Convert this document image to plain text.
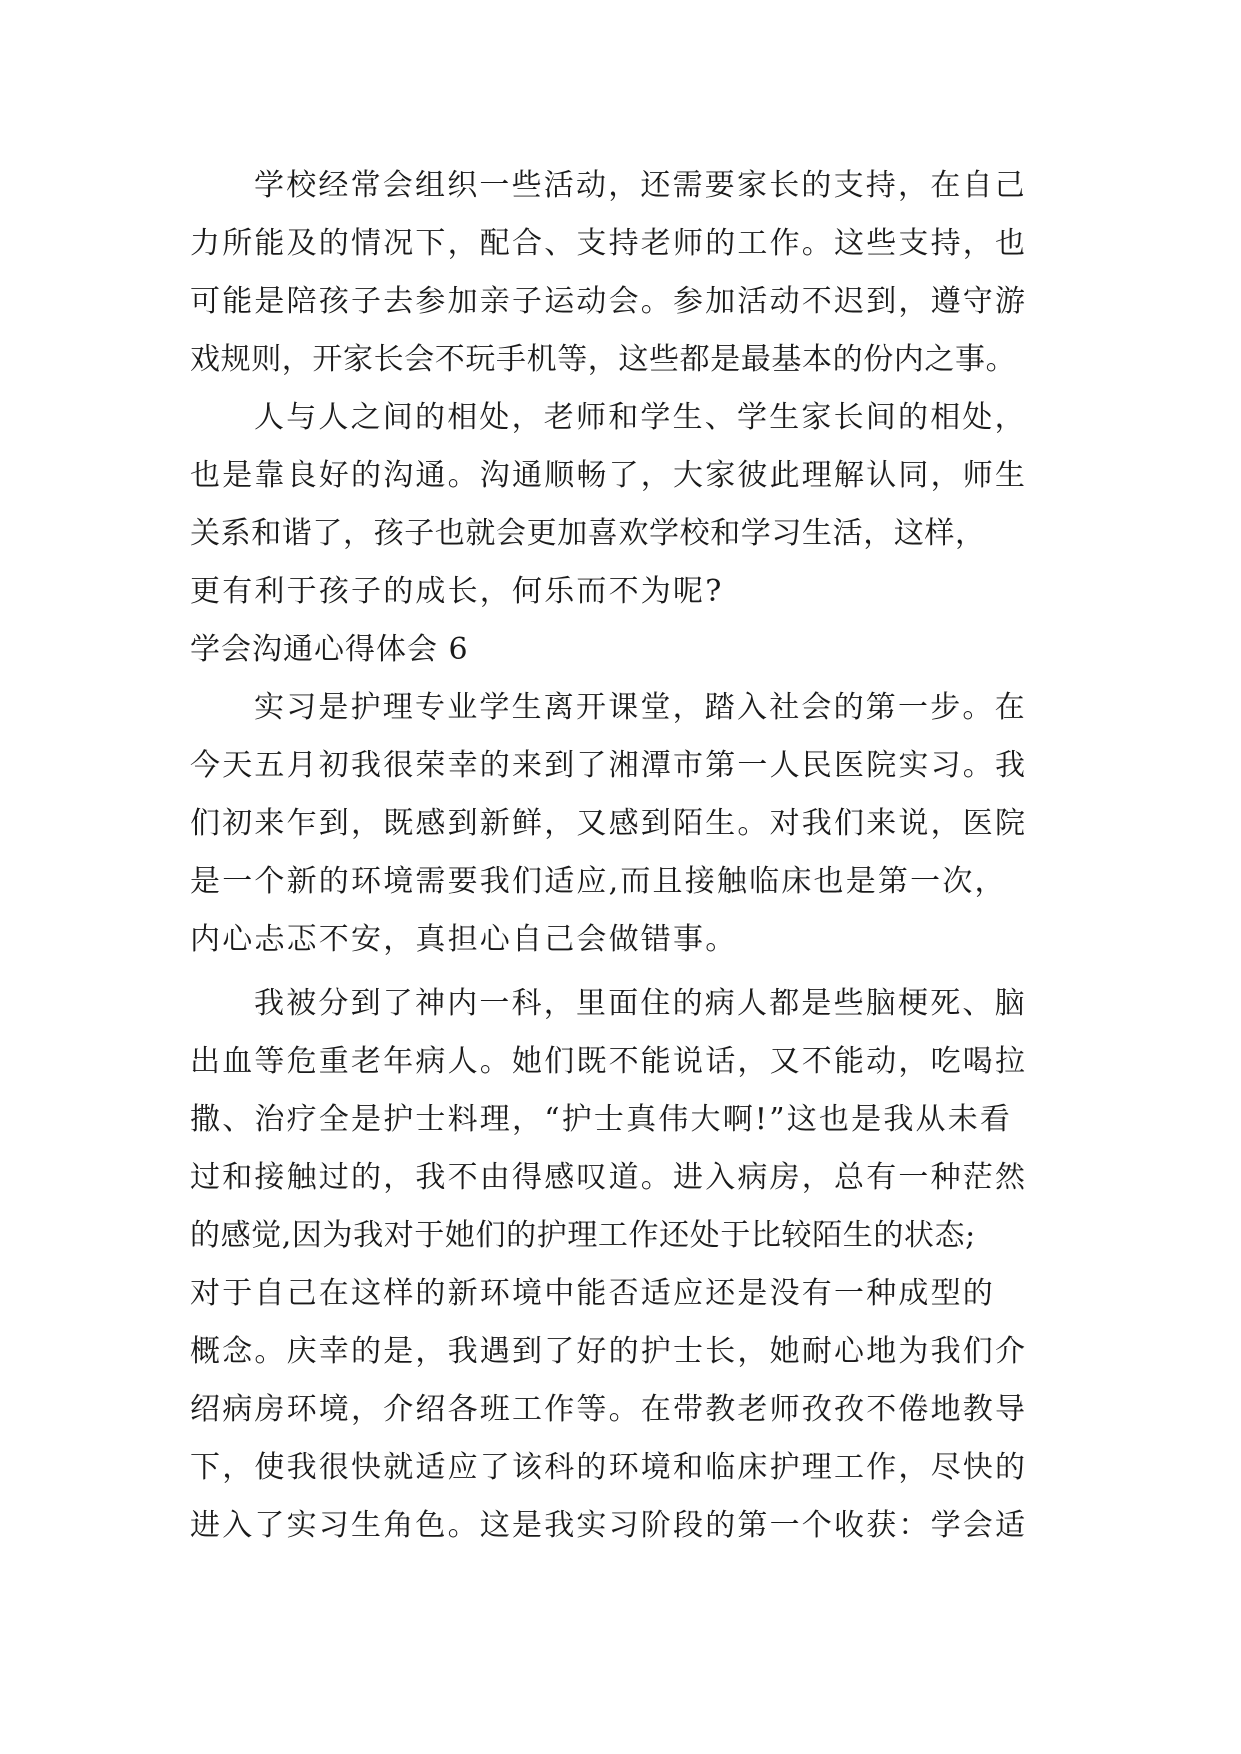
学校经常会组织一些活动，还需要家长的支持，在自己
力所能及的情况下，配合、支持老师的工作。这些支持，也
可能是陪孩子去参加亲子运动会。参加活动不迟到，遵守游
戏规则，开家长会不玩手机等，这些都是最基本的份内之事。
人与人之间的相处，老师和学生、学生家长间的相处，
也是靠良好的沟通。沟通顺畅了，大家彼此理解认同，师生
关系和谐了，孩子也就会更加喜欢学校和学习生活，这样，
更有利于孩子的成长，何乐而不为呢?
学会沟通心得体会 6
实习是护理专业学生离开课堂，踏入社会的第一步。在
今天五月初我很荣幸的来到了湘潭市第一人民医院实习。我
们初来乍到，既感到新鲜，又感到陌生。对我们来说，医院
是一个新的环境需要我们适应,而且接触临床也是第一次，
内心忐忑不安，真担心自己会做错事。
我被分到了神内一科，里面住的病人都是些脑梗死、脑
出血等危重老年病人。她们既不能说话，又不能动，吃喝拉
撒、治疗全是护士料理，“护士真伟大啊!”这也是我从未看
过和接触过的，我不由得感叹道。进入病房，总有一种茫然
的感觉,因为我对于她们的护理工作还处于比较陌生的状态;
对于自己在这样的新环境中能否适应还是没有一种成型的
概念。庆幸的是，我遇到了好的护士长，她耐心地为我们介
绍病房环境，介绍各班工作等。在带教老师孜孜不倦地教导
下，使我很快就适应了该科的环境和临床护理工作，尽快的
进入了实习生角色。这是我实习阶段的第一个收获：学会适
